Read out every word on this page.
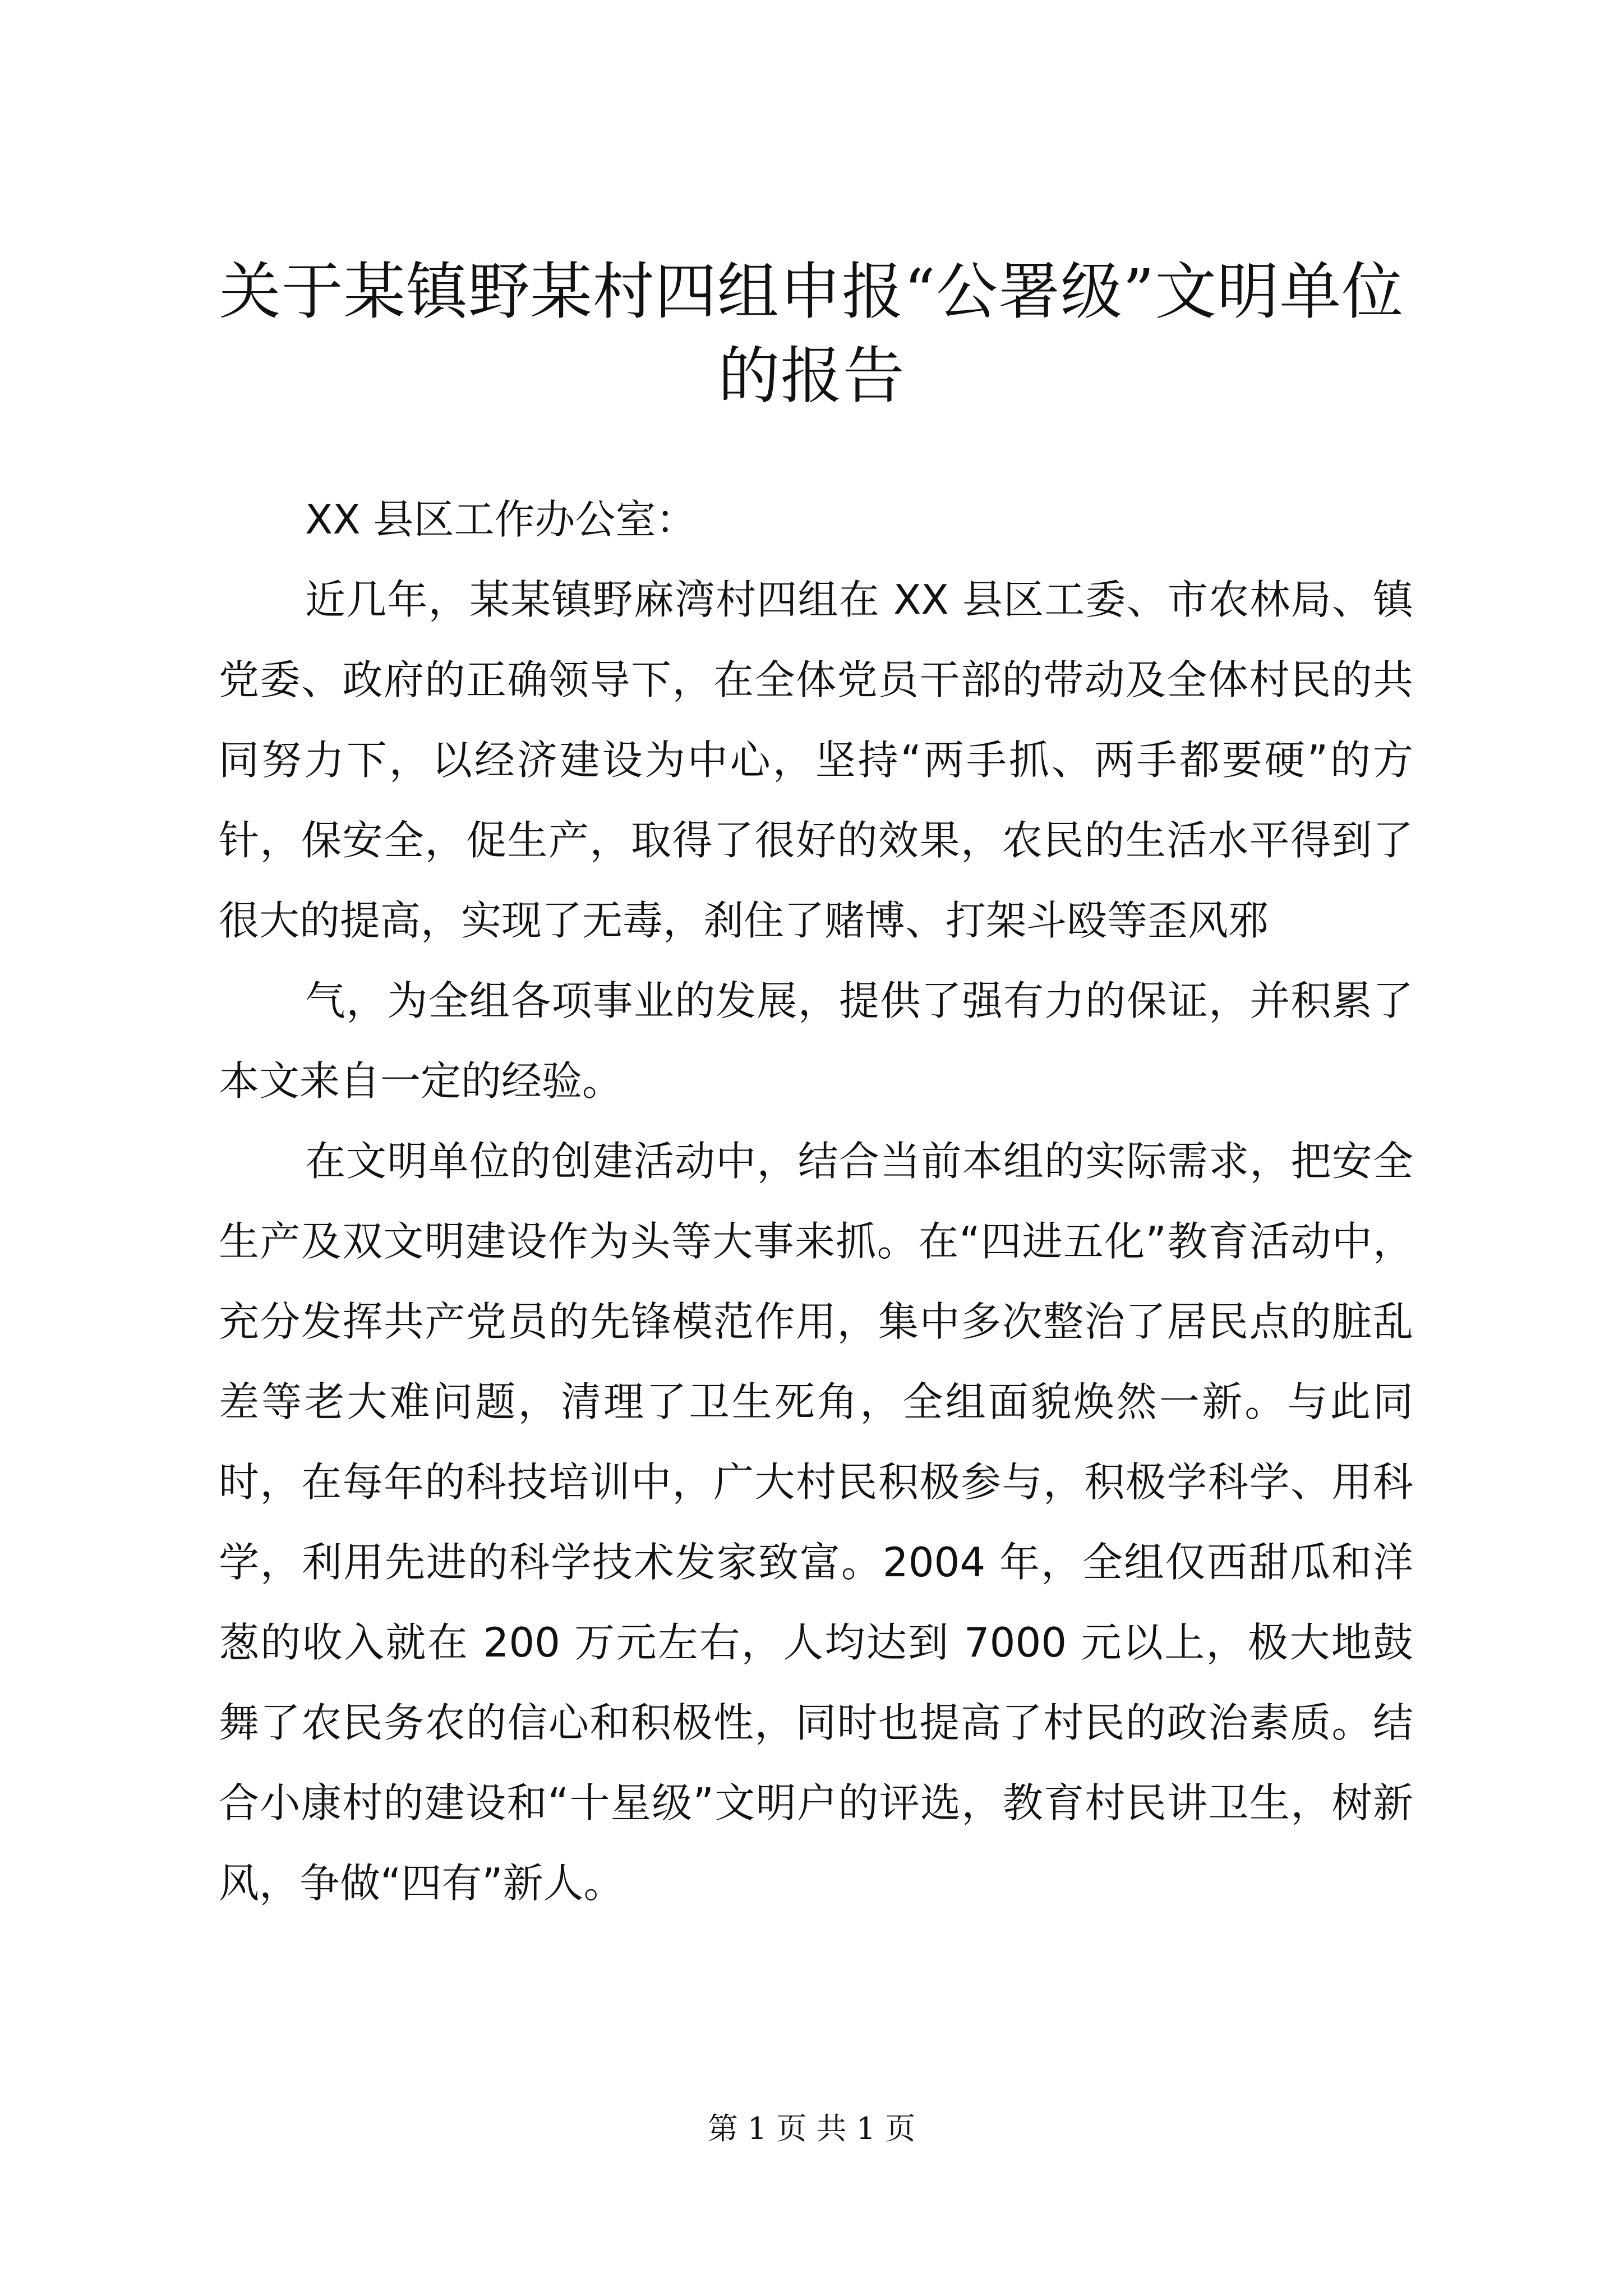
关于某镇野某村四组申报“公署级”文明单位的报告

XX 县区工作办公室：

近几年，某某镇野麻湾村四组在 XX 县区工委、市农林局、镇党委、政府的正确领导下，在全体党员干部的带动及全体村民的共同努力下，以经济建设为中心，坚持“两手抓、两手都要硬”的方针，保安全，促生产，取得了很好的效果，农民的生活水平得到了很大的提高，实现了无毒，刹住了赌博、打架斗殴等歪风邪

气，为全组各项事业的发展，提供了强有力的保证，并积累了本文来自一定的经验。

在文明单位的创建活动中，结合当前本组的实际需求，把安全生产及双文明建设作为头等大事来抓。在“四进五化”教育活动中，充分发挥共产党员的先锋模范作用，集中多次整治了居民点的脏乱差等老大难问题，清理了卫生死角，全组面貌焕然一新。与此同时，在每年的科技培训中，广大村民积极参与，积极学科学、用科学，利用先进的科学技术发家致富。2004 年，全组仅西甜瓜和洋葱的收入就在 200 万元左右，人均达到 7000 元以上，极大地鼓舞了农民务农的信心和积极性，同时也提高了村民的政治素质。结合小康村的建设和“十星级”文明户的评选，教育村民讲卫生，树新风，争做“四有”新人。

第 1 页 共 1 页
